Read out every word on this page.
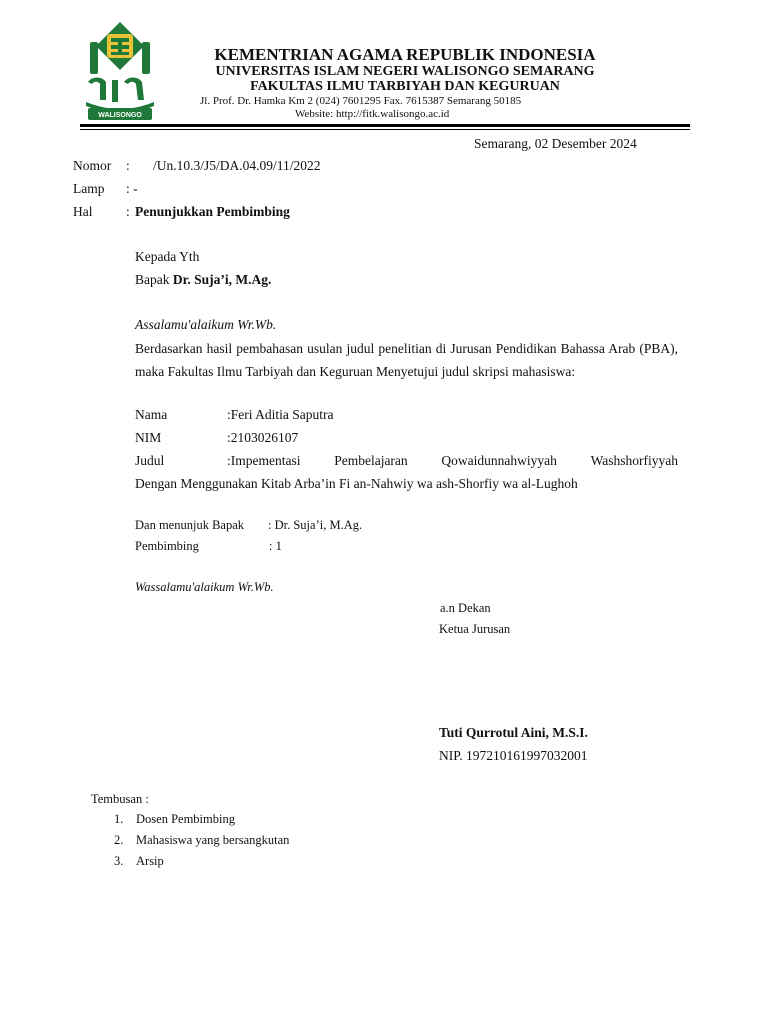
WALISONGO
KEMENTRIAN AGAMA REPUBLIK INDONESIA
UNIVERSITAS ISLAM NEGERI WALISONGO SEMARANG
FAKULTAS ILMU TARBIYAH DAN KEGURUAN
Jl. Prof. Dr. Hamka Km 2 (024) 7601295 Fax. 7615387 Semarang 50185
Website: http://fitk.walisongo.ac.id
Semarang, 02 Desember 2024
Nomor : /Un.10.3/J5/DA.04.09/11/2022
Lamp : -
Hal : Penunjukkan Pembimbing
Kepada Yth
Bapak Dr. Suja’i, M.Ag.
Assalamu'alaikum Wr.Wb.
Berdasarkan hasil pembahasan usulan judul penelitian di Jurusan Pendidikan Bahassa Arab (PBA), maka Fakultas Ilmu Tarbiyah dan Keguruan Menyetujui judul skripsi mahasiswa:
Nama	:Feri Aditia Saputra
NIM	:2103026107
Judul	:Impementasi Pembelajaran Qowaidunnahwiyyah Washshorfiyyah
Dengan Menggunakan Kitab Arba’in Fi an-Nahwiy wa ash-Shorfiy wa al-Lughoh
Dan menunjuk Bapak : Dr. Suja’i, M.Ag.
Pembimbing	: 1
Wassalamu'alaikum Wr.Wb.
a.n Dekan
Ketua Jurusan
Tuti Qurrotul Aini, M.S.I.
NIP. 197210161997032001
Tembusan :
1. Dosen Pembimbing
2. Mahasiswa yang bersangkutan
3. Arsip
